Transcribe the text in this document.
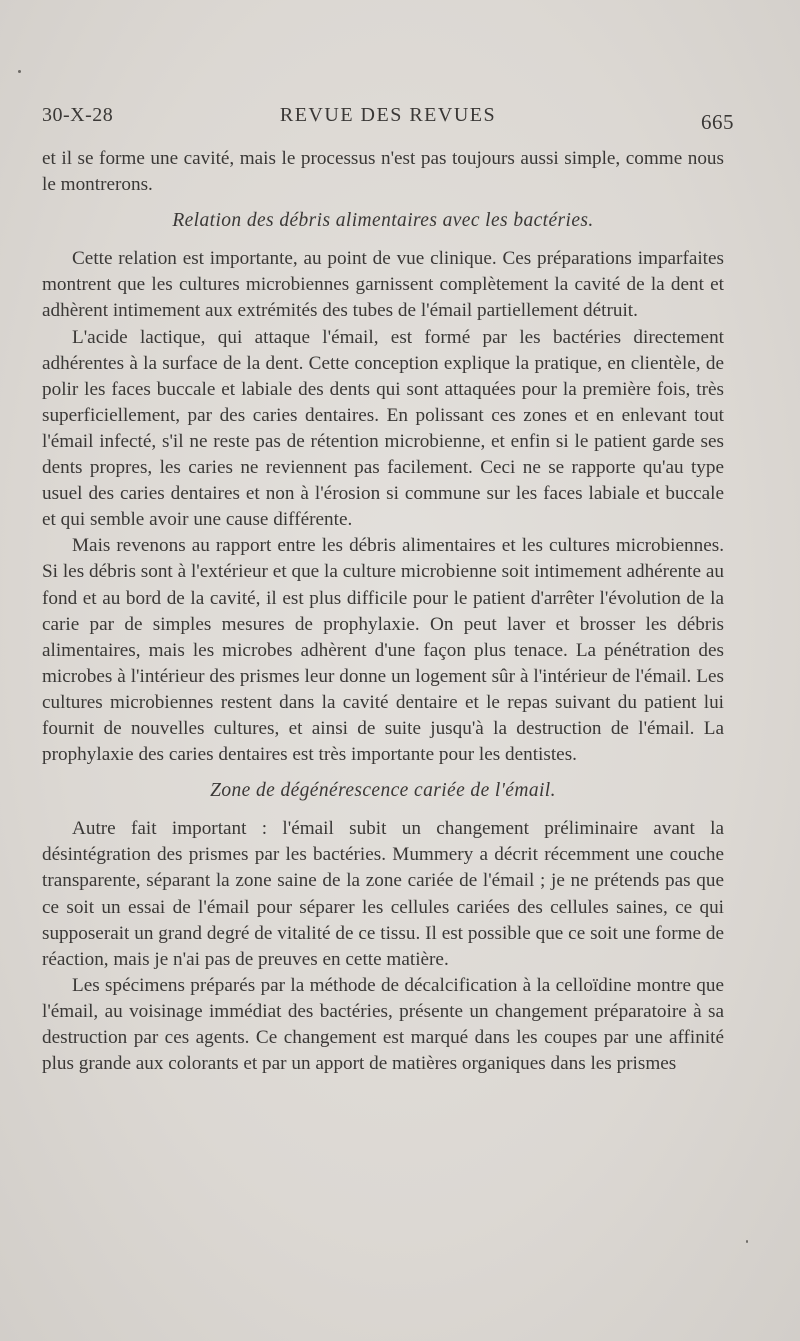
30-X-28	REVUE DES REVUES	665

et il se forme une cavité, mais le processus n'est pas toujours aussi simple, comme nous le montrerons.

Relation des débris alimentaires avec les bactéries.

Cette relation est importante, au point de vue clinique. Ces préparations imparfaites montrent que les cultures microbiennes garnissent complètement la cavité de la dent et adhèrent intimement aux extrémités des tubes de l'émail partiellement détruit.

L'acide lactique, qui attaque l'émail, est formé par les bactéries directement adhérentes à la surface de la dent. Cette conception explique la pratique, en clientèle, de polir les faces buccale et labiale des dents qui sont attaquées pour la première fois, très superficiellement, par des caries dentaires. En polissant ces zones et en enlevant tout l'émail infecté, s'il ne reste pas de rétention microbienne, et enfin si le patient garde ses dents propres, les caries ne reviennent pas facilement. Ceci ne se rapporte qu'au type usuel des caries dentaires et non à l'érosion si commune sur les faces labiale et buccale et qui semble avoir une cause différente.

Mais revenons au rapport entre les débris alimentaires et les cultures microbiennes. Si les débris sont à l'extérieur et que la culture microbienne soit intimement adhérente au fond et au bord de la cavité, il est plus difficile pour le patient d'arrêter l'évolution de la carie par de simples mesures de prophylaxie. On peut laver et brosser les débris alimentaires, mais les microbes adhèrent d'une façon plus tenace. La pénétration des microbes à l'intérieur des prismes leur donne un logement sûr à l'intérieur de l'émail. Les cultures microbiennes restent dans la cavité dentaire et le repas suivant du patient lui fournit de nouvelles cultures, et ainsi de suite jusqu'à la destruction de l'émail. La prophylaxie des caries dentaires est très importante pour les dentistes.

Zone de dégénérescence cariée de l'émail.

Autre fait important : l'émail subit un changement préliminaire avant la désintégration des prismes par les bactéries. Mummery a décrit récemment une couche transparente, séparant la zone saine de la zone cariée de l'émail ; je ne prétends pas que ce soit un essai de l'émail pour séparer les cellules cariées des cellules saines, ce qui supposerait un grand degré de vitalité de ce tissu. Il est possible que ce soit une forme de réaction, mais je n'ai pas de preuves en cette matière.

Les spécimens préparés par la méthode de décalcification à la celloïdine montre que l'émail, au voisinage immédiat des bactéries, présente un changement préparatoire à sa destruction par ces agents. Ce changement est marqué dans les coupes par une affinité plus grande aux colorants et par un apport de matières organiques dans les prismes
